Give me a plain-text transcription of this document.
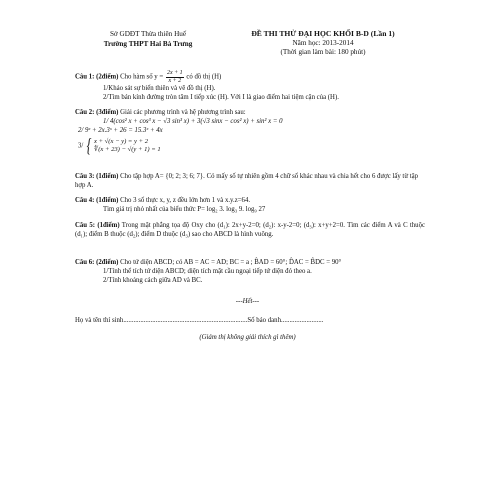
Sở GDĐT Thừa thiên Huế
Trường THPT Hai Bà Trưng
ĐỀ THI THỬ ĐẠI HỌC KHỐI B-D (Lần 1)
Năm học: 2013-2014
(Thời gian làm bài: 180 phút)
Câu 1: (2điểm) Cho hàm số $y = \frac{2x + 1}{x + 2}$ có đồ thị (H)
1/Khảo sát sự biến thiên và vẽ đồ thị (H).
2/Tìm bán kính đường tròn tâm I tiếp xúc (H). Với I là giao điểm hai tiệm cận của (H).
Câu 2: (3điểm) Giải các phương trình và hệ phương trình sau:
1/ 4(cos² x + cos³ x − √3 sin³ x) + 3(√3 sinx − cos² x) + sin² x = 0
2/ 9ˣ + 2x.3ˣ + 26 = 15.3ˣ + 4x
3/ { x + √(x − y) = y + 2
∜(x + 23) − √(y + 1) = 1
Câu 3: (1điểm) Cho tập hợp A= {0; 2; 3; 6; 7}. Có mấy số tự nhiên gồm 4 chữ số khác nhau và chia hết cho 6 được lấy từ tập hợp A.
Câu 4: (1điểm) Cho 3 số thực x, y, z đều lớn hơn 1 và x.y.z=64.
Tìm giá trị nhỏ nhất của biểu thức P= log₂ 3. log₃ 9. log₉ 27
Câu 5: (1điểm) Trong mặt phẳng tọa độ Oxy cho (d₁): 2x+y-2=0; (d₂): x-y-2=0; (d₃): x+y+2=0. Tìm các điểm A và C thuộc (d₁); điểm B thuộc (d₂); điểm D thuộc (d₃) sao cho ABCD là hình vuông.
Câu 6: (2điểm) Cho tứ diện ABCD; có AB = AC = AD; BC = a ; B̂AD = 60°; D̂AC = B̂DC = 90°
1/Tính thể tích tứ diện ABCD; diện tích mặt cầu ngoại tiếp tứ diện đó theo a.
2/Tính khoảng cách giữa AD và BC.
---Hết---
Họ và tên thí sinh.........................................................................Số báo danh.........................
(Giám thị không giải thích gì thêm)
